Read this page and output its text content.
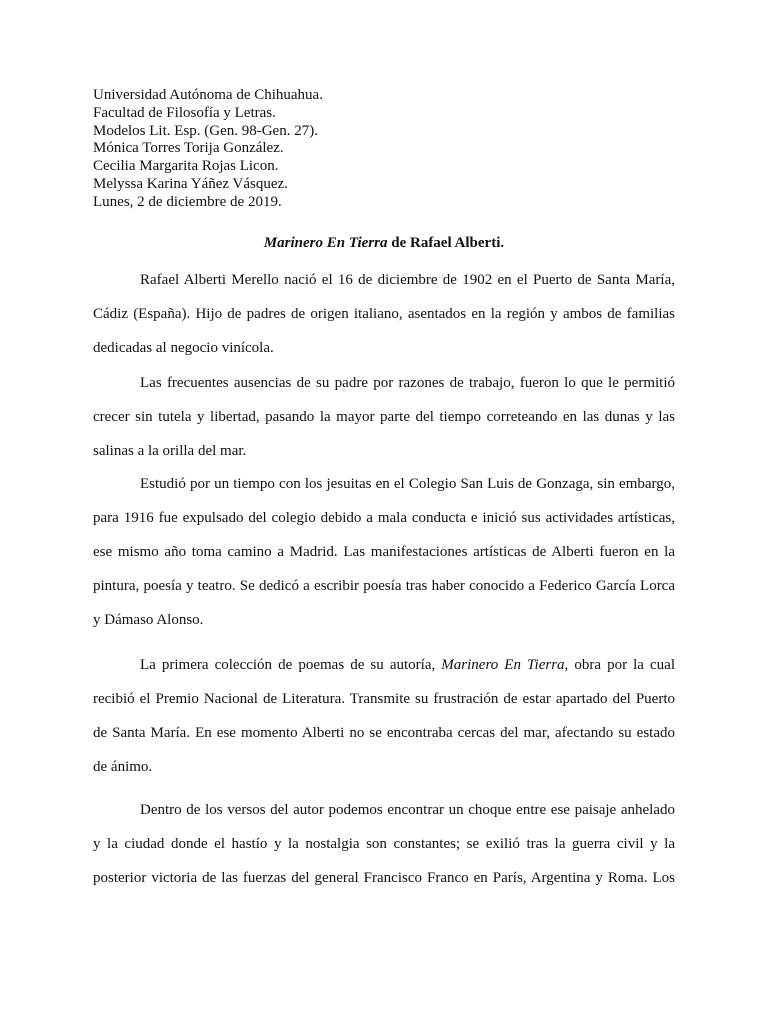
Universidad Autónoma de Chihuahua.
Facultad de Filosofía y Letras.
Modelos Lit. Esp. (Gen. 98-Gen. 27).
Mónica Torres Torija González.
Cecilia Margarita Rojas Licon.
Melyssa Karina Yáñez Vásquez.
Lunes, 2 de diciembre de 2019.
Marinero En Tierra de Rafael Alberti.
Rafael Alberti Merello nació el 16 de diciembre de 1902 en el Puerto de Santa María,
Cádiz (España). Hijo de padres de origen italiano, asentados en la región y ambos de familias
dedicadas al negocio vinícola.
Las frecuentes ausencias de su padre por razones de trabajo, fueron lo que le permitió
crecer sin tutela y libertad, pasando la mayor parte del tiempo correteando en las dunas y las
salinas a la orilla del mar.
Estudió por un tiempo con los jesuitas en el Colegio San Luis de Gonzaga, sin embargo,
para 1916 fue expulsado del colegio debido a mala conducta e inició sus actividades artísticas,
ese mismo año toma camino a Madrid. Las manifestaciones artísticas de Alberti fueron en la
pintura, poesía y teatro. Se dedicó a escribir poesía tras haber conocido a Federico García Lorca
y Dámaso Alonso.
La primera colección de poemas de su autoría, Marinero En Tierra, obra por la cual
recibió el Premio Nacional de Literatura. Transmite su frustración de estar apartado del Puerto
de Santa María. En ese momento Alberti no se encontraba cercas del mar, afectando su estado
de ánimo.
Dentro de los versos del autor podemos encontrar un choque entre ese paisaje anhelado
y la ciudad donde el hastío y la nostalgia son constantes; se exilió tras la guerra civil y la
posterior victoria de las fuerzas del general Francisco Franco en París, Argentina y Roma. Los
